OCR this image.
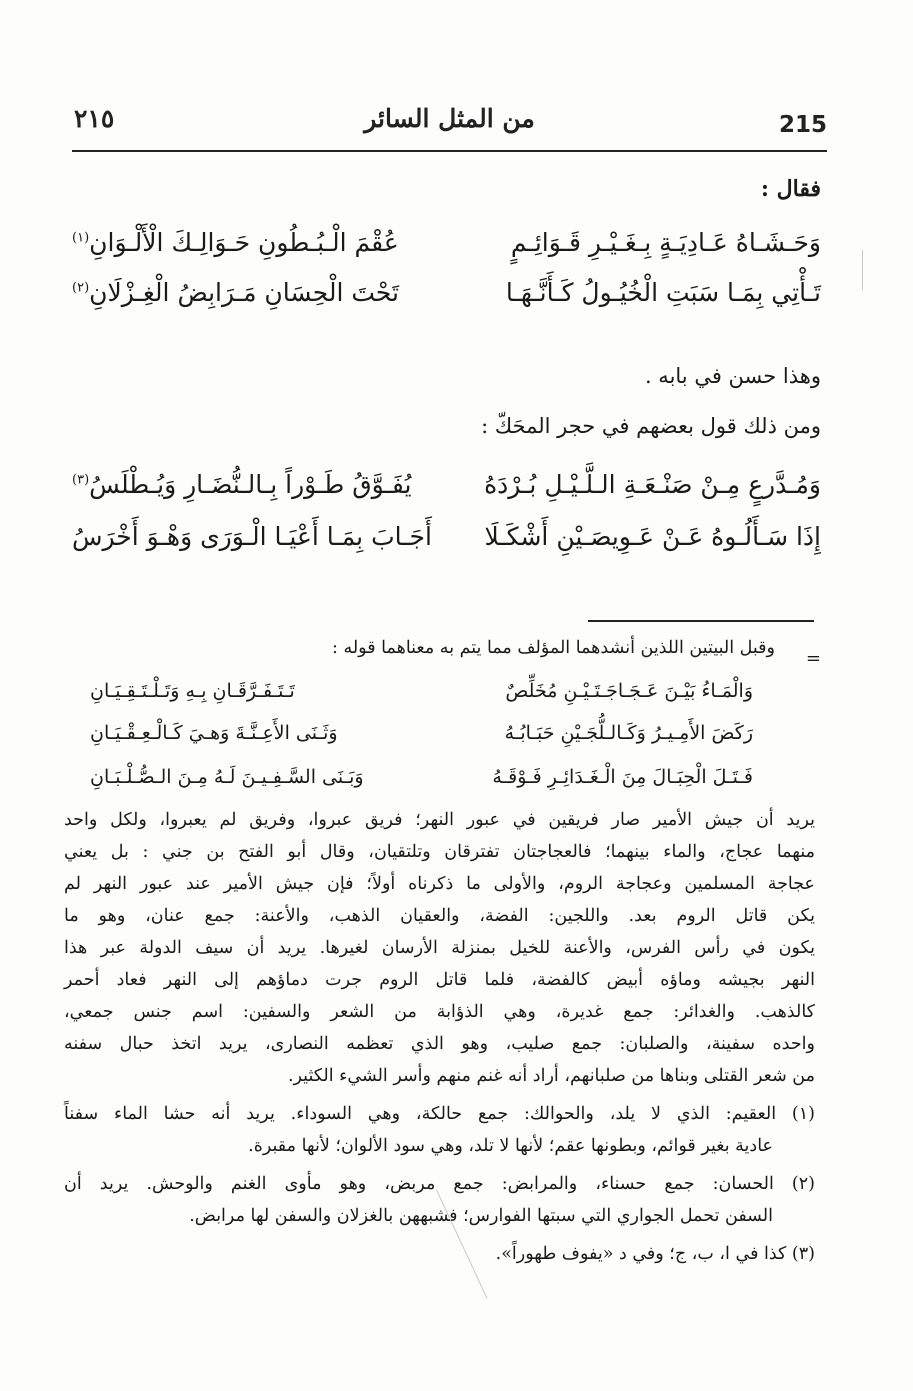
215
من المثل السائر
٢١٥
فقال :
وَحَـشَـاهُ عَـادِيَـةٍ بِـغَـيْـرِ قَـوَائِـمٍ
عُقْمَ الْـبُـطُونِ حَـوَالِـكَ الْأَلْـوَانِ$^{(١)}$
تَـأْتِي بِمَـا سَبَتِ الْخُيُـولُ كَـأَنَّـهَـا
تَحْتَ الْحِسَانِ مَـرَابِضُ الْغِـزْلَانِ$^{(٢)}$
وهذا حسن في بابه .
ومن ذلك قول بعضهم في حجر المحَكّ :
وَمُـدَّرعٍ مِـنْ صَنْـعَـةِ الـلَّـيْـلِ بُـرْدَهُ
يُفَـوَّقُ طَـوْراً بِـالـنُّضَـارِ وَيُـطْلَسُ$^{(٣)}$
إِذَا سَـأَلُـوهُ عَـنْ عَـوِيصَـيْنِ أَشْكَـلَا
أَجَـابَ بِمَـا أَعْيَـا الْـوَرَى وَهْـوَ أَخْرَسُ
=
وقبل البيتين اللذين أنشدهما المؤلف مما يتم به معناهما قوله :
وَالْمَـاءُ بَيْـنَ عَـجَـاجَـتَـيْـنِ مُخَلِّصٌ
تَـتَـفَـرَّقَـانِ بِـهِ وَتَـلْـتَـقِـيَـانِ
رَكَضَ الأَمِـيـرُ وَكَـالـلُّجَـيْنِ حَبَـابُـهُ
وَثَـنَى الأَعِـنَّـةَ وَهـيَ كَـالْـعِـقْـيَـانِ
فَـتَـلَ الْحِبَـالَ مِنَ الْـغَـدَائِـرِ فَـوْقَـهُ
وَبَـنَى السَّـفِـيـنَ لَـهُ مِـنَ الـصُّـلْـبَـانِ
يريد أن جيش الأمير صار فريقين في عبور النهر؛ فريق عبروا، وفريق لم يعبروا، ولكل واحد
منهما عجاج، والماء بينهما؛ فالعجاجتان تفترقان وتلتقيان، وقال أبو الفتح بن جني : بل يعني
عجاجة المسلمين وعجاجة الروم، والأولى ما ذكرناه أولاً؛ فإن جيش الأمير عند عبور النهر لم
يكن قاتل الروم بعد. واللجين: الفضة، والعقيان الذهب، والأعنة: جمع عنان، وهو ما
يكون في رأس الفرس، والأعنة للخيل بمنزلة الأرسان لغيرها. يريد أن سيف الدولة عبر هذا
النهر بجيشه وماؤه أبيض كالفضة، فلما قاتل الروم جرت دماؤهم إلى النهر فعاد أحمر
كالذهب. والغدائر: جمع غديرة، وهي الذؤابة من الشعر والسفين: اسم جنس جمعي،
واحده سفينة، والصلبان: جمع صليب، وهو الذي تعظمه النصارى، يريد اتخذ حبال سفنه
من شعر القتلى وبناها من صلبانهم، أراد أنه غنم منهم وأسر الشيء الكثير.
(١) العقيم: الذي لا يلد، والحوالك: جمع حالكة، وهي السوداء. يريد أنه حشا الماء سفناً
عادية بغير قوائم، وبطونها عقم؛ لأنها لا تلد، وهي سود الألوان؛ لأنها مقبرة.
(٢) الحسان: جمع حسناء، والمرابض: جمع مربض، وهو مأوى الغنم والوحش. يريد أن
السفن تحمل الجواري التي سبتها الفوارس؛ فشبههن بالغزلان والسفن لها مرابض.
(٣) كذا في ا، ب، ج؛ وفي د «يفوف طهوراً».
